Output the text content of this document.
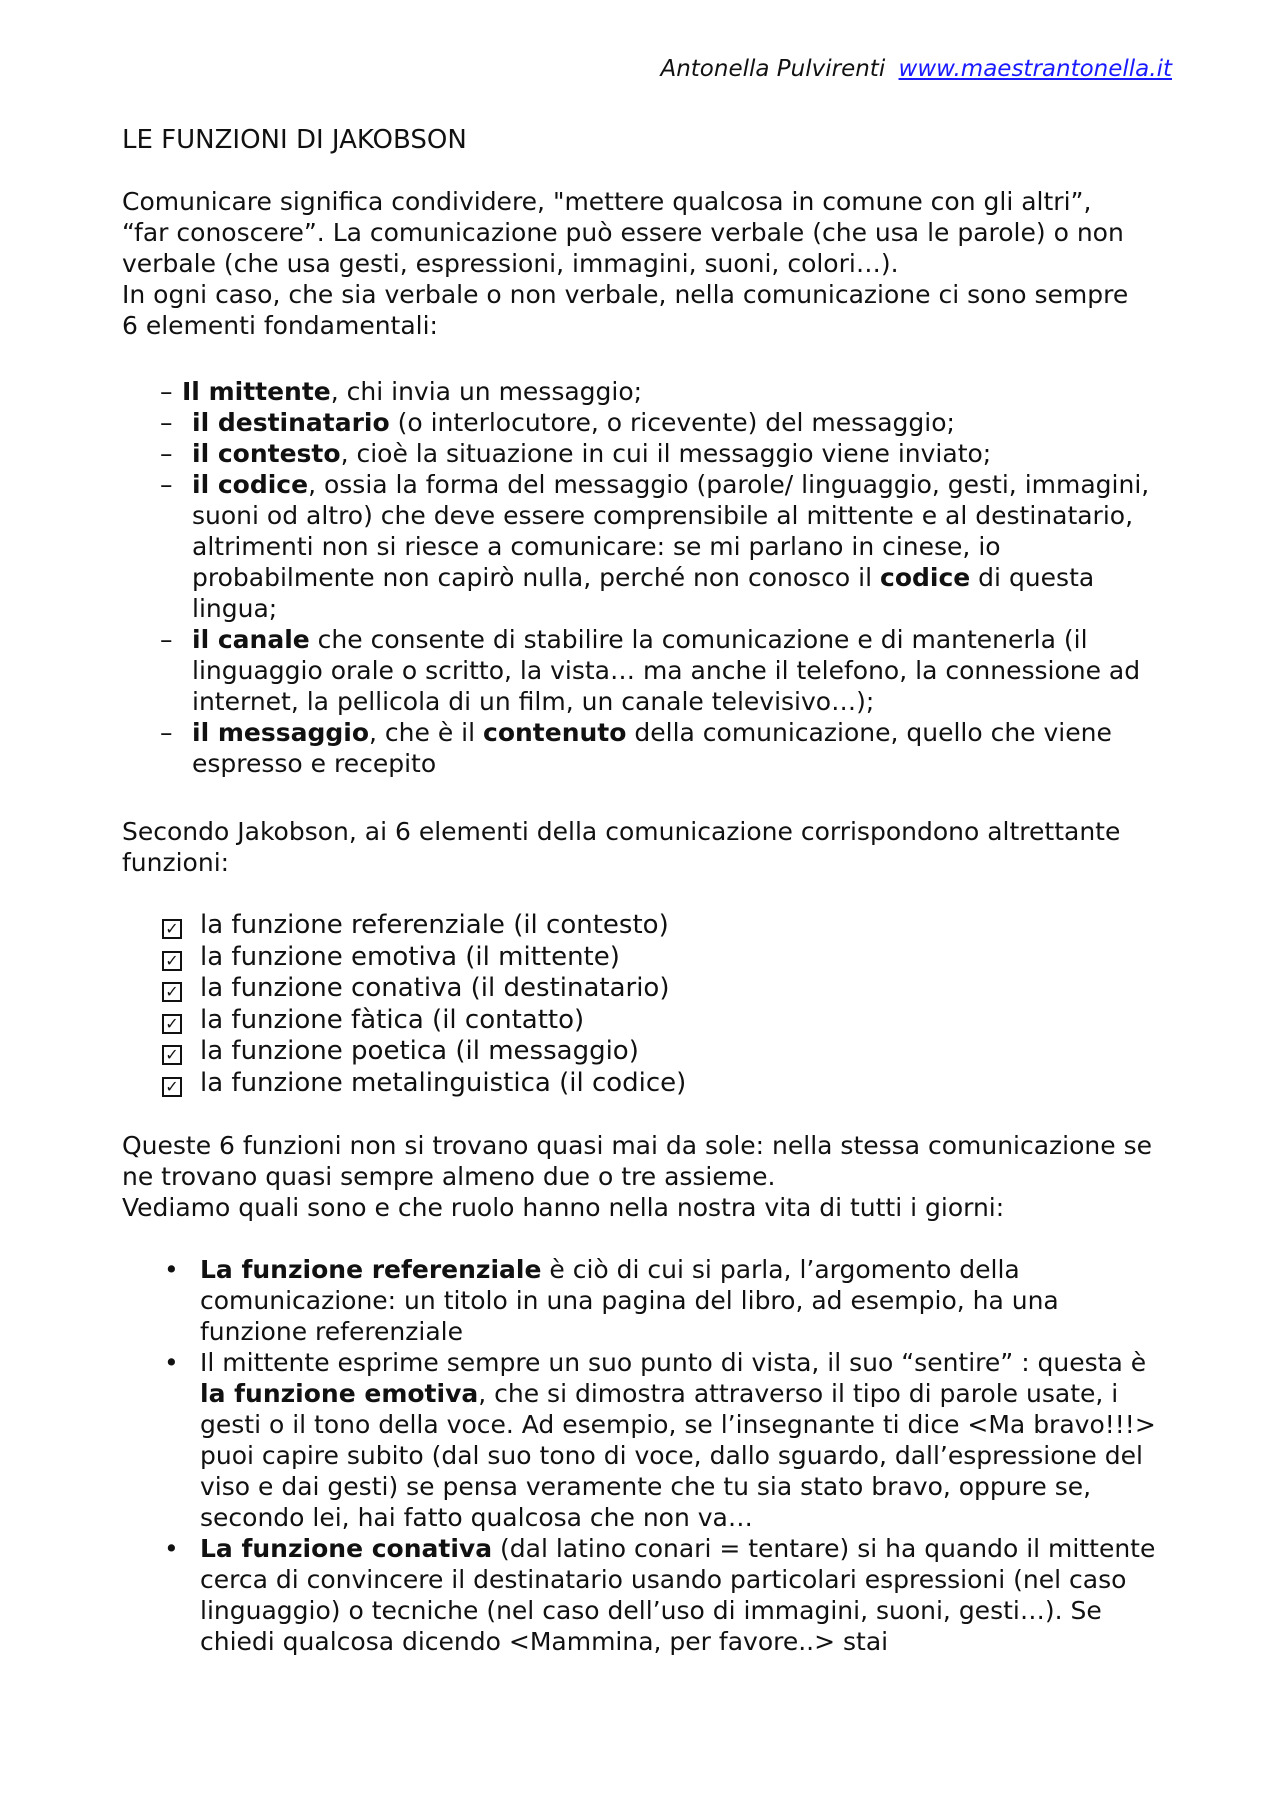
Antonella Pulvirenti www.maestrantonella.it
LE FUNZIONI DI JAKOBSON

Comunicare significa condividere, "mettere qualcosa in comune con gli altri”, “far conoscere”. La comunicazione può essere verbale (che usa le parole) o non verbale (che usa gesti, espressioni, immagini, suoni, colori…).

In ogni caso, che sia verbale o non verbale, nella comunicazione ci sono sempre 6 elementi fondamentali:

– Il mittente, chi invia un messaggio;
– il destinatario (o interlocutore, o ricevente) del messaggio;
– il contesto, cioè la situazione in cui il messaggio viene inviato;
– il codice, ossia la forma del messaggio (parole/ linguaggio, gesti, immagini, suoni od altro) che deve essere comprensibile al mittente e al destinatario, altrimenti non si riesce a comunicare: se mi parlano in cinese, io probabilmente non capirò nulla, perché non conosco il codice di questa lingua;
– il canale che consente di stabilire la comunicazione e di mantenerla (il linguaggio orale o scritto, la vista… ma anche il telefono, la connessione ad internet, la pellicola di un film, un canale televisivo…);
– il messaggio, che è il contenuto della comunicazione, quello che viene espresso e recepito

Secondo Jakobson, ai 6 elementi della comunicazione corrispondono altrettante funzioni:

✓ la funzione referenziale (il contesto)
✓ la funzione emotiva (il mittente)
✓ la funzione conativa (il destinatario)
✓ la funzione fàtica (il contatto)
✓ la funzione poetica (il messaggio)
✓ la funzione metalinguistica (il codice)

Queste 6 funzioni non si trovano quasi mai da sole: nella stessa comunicazione se ne trovano quasi sempre almeno due o tre assieme.

Vediamo quali sono e che ruolo hanno nella nostra vita di tutti i giorni:

• La funzione referenziale è ciò di cui si parla, l’argomento della comunicazione: un titolo in una pagina del libro, ad esempio, ha una funzione referenziale
• Il mittente esprime sempre un suo punto di vista, il suo “sentire” : questa è la funzione emotiva, che si dimostra attraverso il tipo di parole usate, i gesti o il tono della voce. Ad esempio, se l’insegnante ti dice <Ma bravo!!!> puoi capire subito (dal suo tono di voce, dallo sguardo, dall’espressione del viso e dai gesti) se pensa veramente che tu sia stato bravo, oppure se, secondo lei, hai fatto qualcosa che non va…
• La funzione conativa (dal latino conari = tentare) si ha quando il mittente cerca di convincere il destinatario usando particolari espressioni (nel caso linguaggio) o tecniche (nel caso dell’uso di immagini, suoni, gesti…). Se chiedi qualcosa dicendo <Mammina, per favore..> stai
